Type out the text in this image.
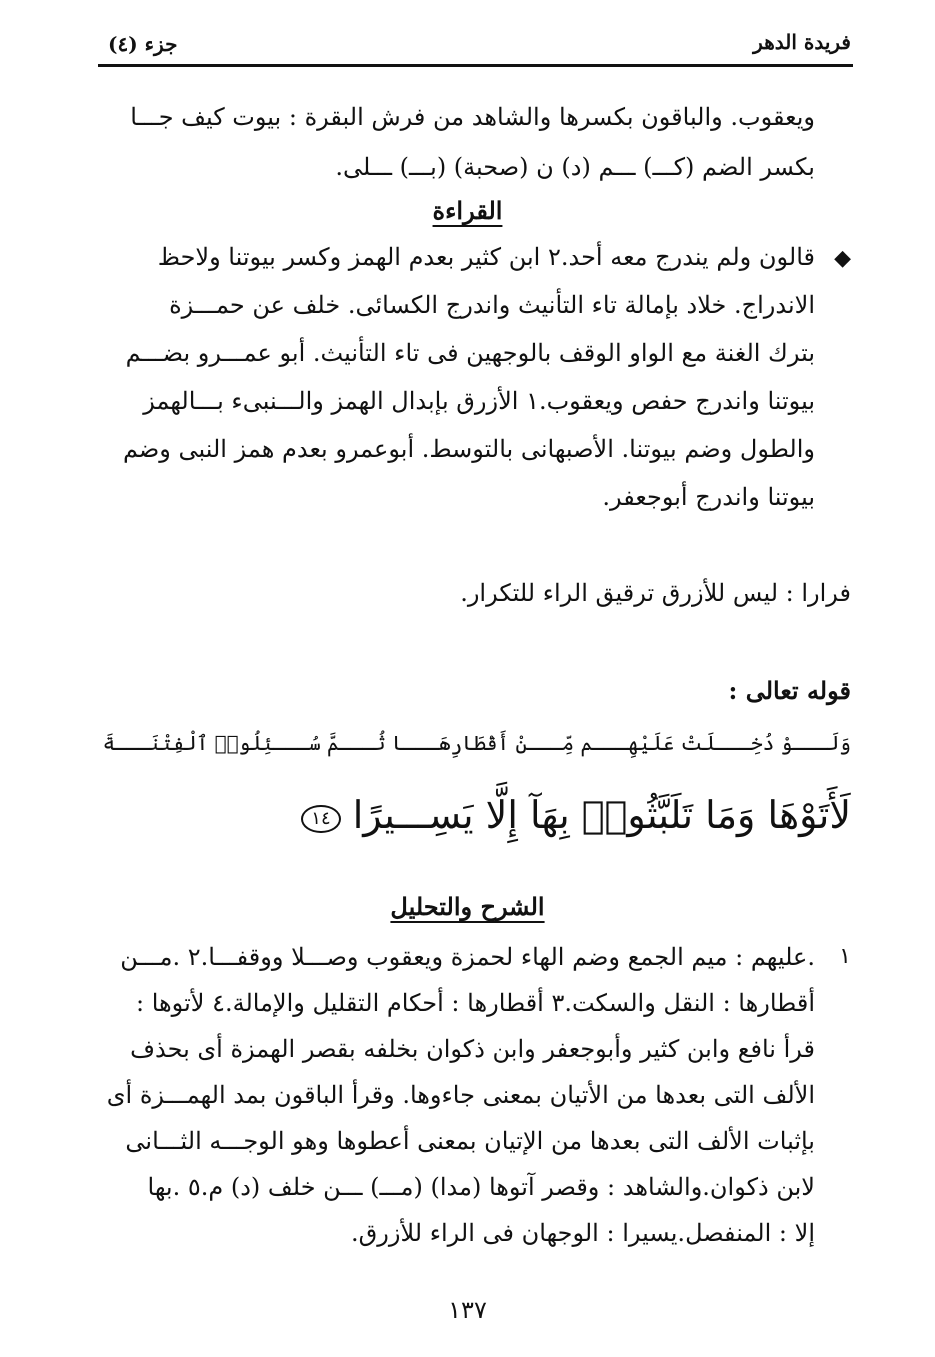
فريدة الدهر
جزء (٤)
ويعقوب. والباقون بكسرها والشاهد من فرش البقرة : بيوت كيف جـــا
بكسر الضم (كـــ) ـــم (د) ن (صحبة) (بـــ) ـــلى.
القراءة
◆
قالون ولم يندرج معه أحد.٢ ابن كثير بعدم الهمز وكسر بيوتنا ولاحظ
الاندراج. خلاد بإمالة تاء التأنيث واندرج الكسائى. خلف عن حمـــزة
بترك الغنة مع الواو الوقف بالوجهين فى تاء التأنيث. أبو عمـــرو بضـــم
بيوتنا واندرج حفص ويعقوب.١ الأزرق بإبدال الهمز والـــنبىء بـــالهمز
والطول وضم بيوتنا. الأصبهانى بالتوسط. أبوعمرو بعدم همز النبى وضم
بيوتنا واندرج أبوجعفر.
فرارا : ليس للأزرق ترقيق الراء للتكرار.
قوله تعالى :
وَلَـــوْ دُخِـــلَتْ عَلَيْهِـــم مِّـــنْ أَقْطَارِهَـــا ثُـــمَّ سُـــئِلُوا۟ ٱلْفِتْنَـــةَ
لَأَتَوْهَا وَمَا تَلَبَّثُوا۟ بِهَآ إِلَّا يَسِـــيرًا ١٤
الشرح والتحليل
١
.عليهم : ميم الجمع وضم الهاء لحمزة ويعقوب وصـــلا ووقفـــا.٢ .مـــن
أقطارها : النقل والسكت.٣ أقطارها : أحكام التقليل والإمالة.٤ لأتوها :
قرأ نافع وابن كثير وأبوجعفر وابن ذكوان بخلفه بقصر الهمزة أى بحذف
الألف التى بعدها من الأتيان بمعنى جاءوها. وقرأ الباقون بمد الهمـــزة أى
بإثبات الألف التى بعدها من الإتيان بمعنى أعطوها وهو الوجـــه الثـــانى
لابن ذكوان.والشاهد : وقصر آتوها (مدا) (مـــ) ـــن خلف (د) م.٥ .بها
إلا : المنفصل.يسيرا : الوجهان فى الراء للأزرق.
١٣٧
